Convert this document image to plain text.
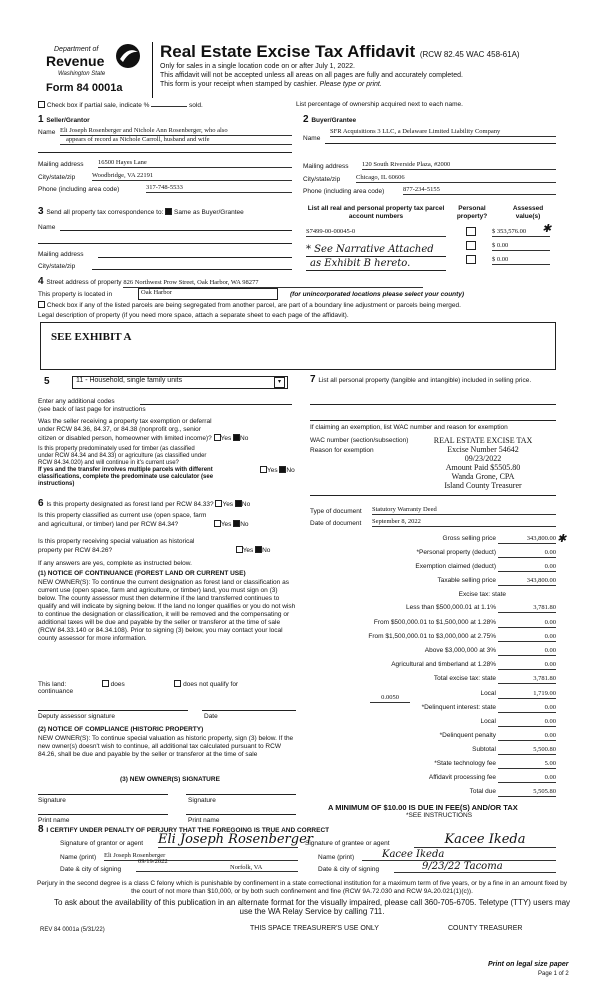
Department of
Revenue
Washington State
Form 84 0001a
Real Estate Excise Tax Affidavit (RCW 82.45 WAC 458-61A)
Only for sales in a single location code on or after July 1, 2022.
This affidavit will not be accepted unless all areas on all pages are fully and accurately completed.
This form is your receipt when stamped by cashier. Please type or print.
Check box if partial sale, indicate %	sold.	List percentage of ownership acquired next to each name.
1 Seller/Grantor
Name Eli Joseph Rosenberger and Nichole Ann Rosenberger, who also
appears of record as Nichole Carroll, husband and wife
Mailing address 16500 Hayes Lane
City/state/zip	Woodbridge, VA 22191
Phone (including area code)	317-748-5533
2 Buyer/Grantee
Name
SFR Acquisitions 3 LLC, a Delaware Limited Liability Company
Mailing address 120 South Riverside Plaza, #2000
City/state/zip Chicago, IL 60606
Phone (including area code)	877-234-5155
3 Send all property tax correspondence to: Same as Buyer/Grantee
Name
Mailing address
City/state/zip
List all real and personal property tax parcel account numbers
Personal property?
Assessed value(s)
S7499-00-00045-0	$ 353,576.00	✱
$ 0.00
$ 0.00
* See Narrative Attached
as Exhibit B hereto.
4 Street address of property 826 Northwest Prow Street, Oak Harbor, WA 98277
This property is located in	Oak Harbor	(for unincorporated locations please select your county)
Check box if any of the listed parcels are being segregated from another parcel, are part of a boundary line adjustment or parcels being merged.
Legal description of property (if you need more space, attach a separate sheet to each page of the affidavit).
SEE EXHIBIT A
5	11 - Household, single family units	▾
Enter any additional codes
(see back of last page for instructions
Was the seller receiving a property tax exemption or deferral
under RCW 84.36, 84.37, or 84.38 (nonprofit org., senior
citizen or disabled person, homeowner with limited income)? Yes No
Is this property predominately used for timber (as classified
under RCW 84.34 and 84.33) or agriculture (as classified under
RCW 84.34.020) and will continue in it's current use?
If yes and the transfer involves multiple parcels with different classifications, complete the predominate use calculator (see instructions)
Yes No
6 Is this property designated as forest land per RCW 84.33? Yes No
Is this property classified as current use (open space, farm
and agricultural, or timber) land per RCW 84.34?	Yes No
Is this property receiving special valuation as historical
property per RCW 84.26?	Yes No
If any answers are yes, complete as instructed below.
(1) NOTICE OF CONTINUANCE (FOREST LAND OR CURRENT USE)
NEW OWNER(S): To continue the current designation as forest land or classification as current use (open space, farm and agriculture, or timber) land, you must sign on (3) below. The county assessor must then determine if the land transferred continues to qualify and will indicate by signing below. If the land no longer qualifies or you do not wish to continue the designation or classification, it will be removed and the compensating or additional taxes will be due and payable by the seller or transferor at the time of sale (RCW 84.33.140 or 84.34.108). Prior to signing (3) below, you may contact your local county assessor for more information.
This land:	does	does not qualify for
continuance
Deputy assessor signature	Date
(2) NOTICE OF COMPLIANCE (HISTORIC PROPERTY)
NEW OWNER(S): To continue special valuation as historic property, sign (3) below. If the new owner(s) doesn't wish to continue, all additional tax calculated pursuant to RCW 84.26, shall be due and payable by the seller or transferor at the time of sale
(3) NEW OWNER(S) SIGNATURE
Signature	Signature
Print name	Print name
7 List all personal property (tangible and intangible) included in selling price.
If claiming an exemption, list WAC number and reason for exemption
WAC number (section/subsection)
Reason for exemption
REAL ESTATE EXCISE TAX
Excise Number 54642
09/23/2022
Amount Paid $5505.80
Wanda Grone, CPA
Island County Treasurer
Type of document Statutory Warranty Deed
Date of document September 8, 2022
Gross selling price	343,800.00
*Personal property (deduct)	0.00
Exemption claimed (deduct)	0.00
Taxable selling price	343,800.00
Excise tax: state
Less than $500,000.01 at 1.1%	3,781.80
From $500,000.01 to $1,500,000 at 1.28%	0.00
From $1,500,000.01 to $3,000,000 at 2.75%	0.00
Above $3,000,000 at 3%	0.00
Agricultural and timberland at 1.28%	0.00
Total excise tax: state	3,781.80
Local	1,719.00
*Delinquent interest: state	0.00
Local	0.00
*Delinquent penalty	0.00
Subtotal	5,500.80
*State technology fee	5.00
Affidavit processing fee	0.00
Total due	5,505.80
0.0050
✱
A MINIMUM OF $10.00 IS DUE IN FEE(S) AND/OR TAX
*SEE INSTRUCTIONS
8 I CERTIFY UNDER PENALTY OF PERJURY THAT THE FOREGOING IS TRUE AND CORRECT
Signature of grantor or agent Eli Joseph Rosenberger
Name (print) Eli Joseph Rosenberger
Date & city of signing
09/19/2022
Norfolk, VA
Signature of grantee or agent	Kacee Ikeda
Name (print)	Kacee Ikeda
Date & city of signing	9/23/22 Tacoma
Perjury in the second degree is a class C felony which is punishable by confinement in a state correctional institution for a maximum term of five years, or by a fine in an amount fixed by the court of not more than $10,000, or by both such confinement and fine (RCW 9A.72.030 and RCW 9A.20.021(1)(c)).
To ask about the availability of this publication in an alternate format for the visually impaired, please call 360-705-6705. Teletype (TTY) users may use the WA Relay Service by calling 711.
REV 84 0001a (5/31/22)	THIS SPACE TREASURER'S USE ONLY	COUNTY TREASURER
Print on legal size paper
Page 1 of 2
